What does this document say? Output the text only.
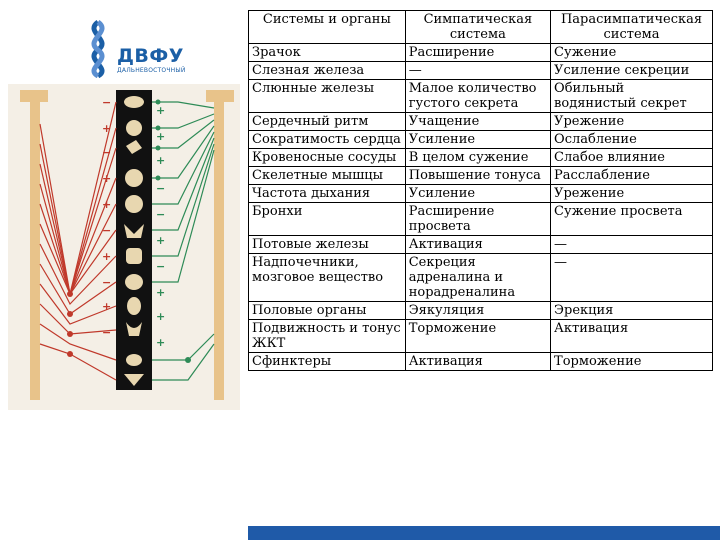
ДВФУ
ДАЛЬНЕВОСТОЧНЫЙ
−
+
−
+
+
−
+
−
+
−
+
+
+
−
−
+
−
+
+
+
Системы и органы	Симпатическая система	Парасимпатическая система
Зрачок	Расширение	Сужение
Слезная железа	—	Усиление секреции
Слюнные железы	Малое количество густого секрета	Обильный водянистый секрет
Сердечный ритм	Учащение	Урежение
Сократимость сердца	Усиление	Ослабление
Кровеносные сосуды	В целом сужение	Слабое влияние
Скелетные мышцы	Повышение тонуса	Расслабление
Частота дыхания	Усиление	Урежение
Бронхи	Расширение просвета	Сужение просвета
Потовые железы	Активация	—
Надпочечники, мозговое вещество	Секреция адреналина и норадреналина	—
Половые органы	Эякуляция	Эрекция
Подвижность и тонус ЖКТ	Торможение	Активация
Сфинктеры	Активация	Торможение
